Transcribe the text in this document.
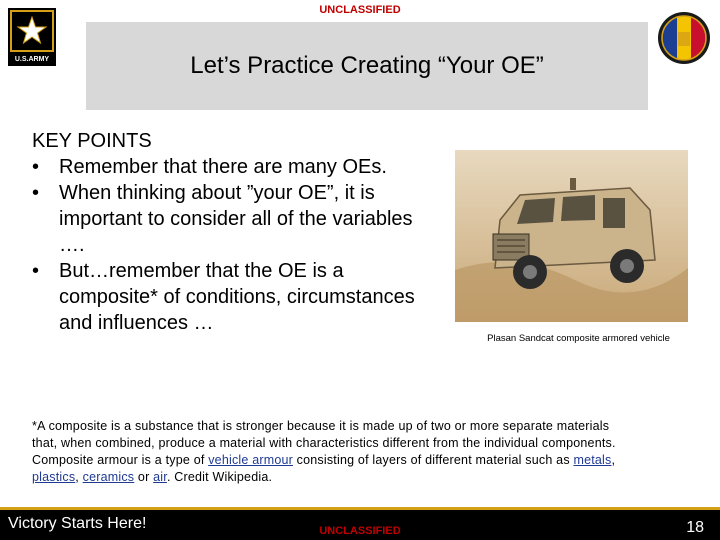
UNCLASSIFIED
U.S.ARMY	Let’s Practice Creating “Your OE”
KEY POINTS
• Remember that there are many OEs.
• When thinking about ”your OE”, it is important to consider all of the variables ….
• But…remember that the OE is a composite* of conditions, circumstances and influences …
Plasan Sandcat composite armored vehicle
*A composite is a substance that is stronger because it is made up of two or more separate materials that, when combined, produce a material with characteristics different from the individual components. Composite armour is a type of vehicle armour consisting of layers of different material such as metals, plastics, ceramics or air. Credit Wikipedia.
Victory Starts Here!	UNCLASSIFIED	18
